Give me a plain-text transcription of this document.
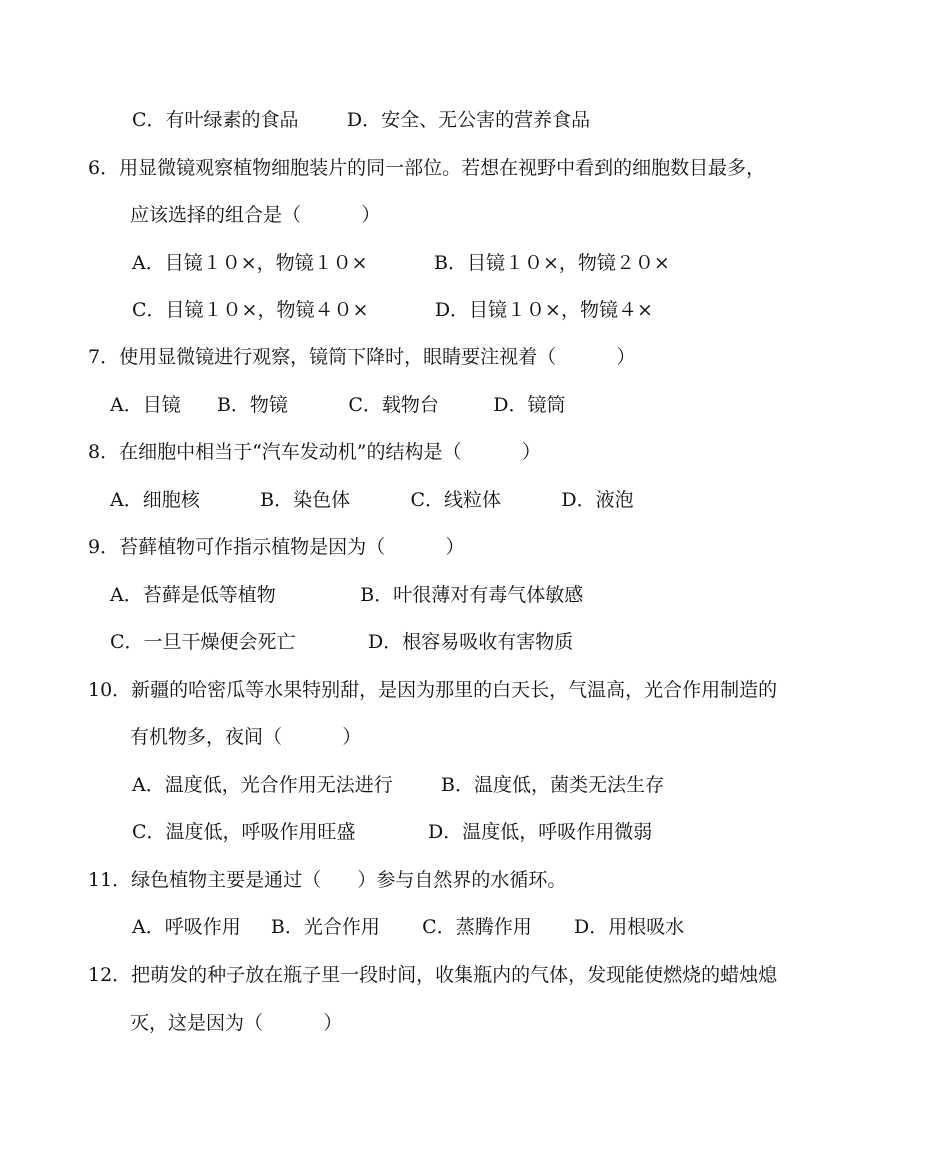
C．有叶绿素的食品        D．安全、无公害的营养食品
6．用显微镜观察植物细胞装片的同一部位。若想在视野中看到的细胞数目最多，
应该选择的组合是（          ）
A．目镜１０×，物镜１０×           B．目镜１０×，物镜２０×
C．目镜１０×，物镜４０×           D．目镜１０×，物镜４×
7．使用显微镜进行观察，镜筒下降时，眼睛要注视着（          ）
A．目镜      B．物镜          C．载物台         D．镜筒
8．在细胞中相当于“汽车发动机”的结构是（          ）
A．细胞核          B．染色体          C．线粒体          D．液泡
9．苔藓植物可作指示植物是因为（          ）
A．苔藓是低等植物              B．叶很薄对有毒气体敏感
C．一旦干燥便会死亡            D．根容易吸收有害物质
10．新疆的哈密瓜等水果特别甜，是因为那里的白天长，气温高，光合作用制造的
有机物多，夜间（          ）
A．温度低，光合作用无法进行        B．温度低，菌类无法生存
C．温度低，呼吸作用旺盛            D．温度低，呼吸作用微弱
11．绿色植物主要是通过（      ）参与自然界的水循环。
A．呼吸作用     B．光合作用       C．蒸腾作用       D．用根吸水
12．把萌发的种子放在瓶子里一段时间，收集瓶内的气体，发现能使燃烧的蜡烛熄
灭，这是因为（          ）
